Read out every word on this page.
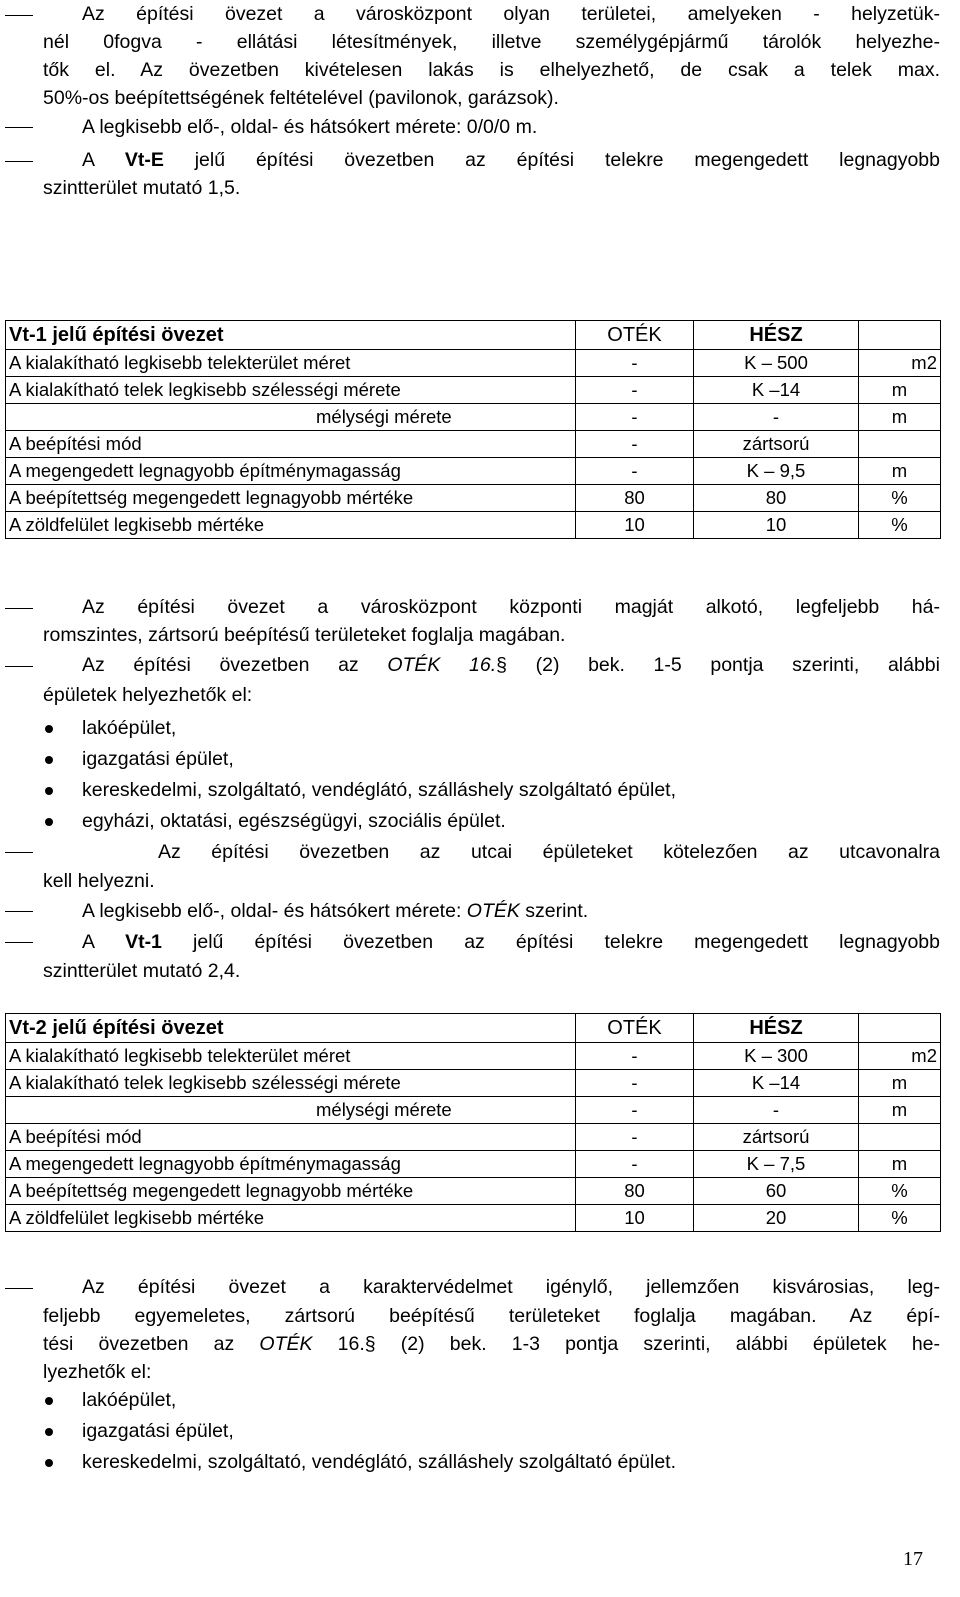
Az építési övezet a városközpont olyan területei, amelyeken - helyzetük-
nél 0fogva - ellátási létesítmények, illetve személygépjármű tárolók helyezhe-
tők el. Az övezetben kivételesen lakás is elhelyezhető, de csak a telek max.
50%-os beépítettségének feltételével (pavilonok, garázsok).
A legkisebb elő-, oldal- és hátsókert mérete: 0/0/0 m.
A Vt-E jelű építési övezetben az építési telekre megengedett legnagyobb
szintterület mutató 1,5.
Vt-1 jelű építési övezet	OTÉK	HÉSZ	
A kialakítható legkisebb telekterület méret	-	K – 500	m2
A kialakítható telek legkisebb szélességi mérete	-	K –14	m
mélységi mérete	-	-	m
A beépítési mód	-	zártsorú	
A megengedett legnagyobb építménymagasság	-	K – 9,5	m
A beépítettség megengedett legnagyobb mértéke	80	80	%
A zöldfelület legkisebb mértéke	10	10	%
Az építési övezet a városközpont központi magját alkotó, legfeljebb há-
romszintes, zártsorú beépítésű területeket foglalja magában.
Az építési övezetben az OTÉK 16.§ (2) bek. 1-5 pontja szerinti, alábbi
épületek helyezhetők el:
lakóépület,
igazgatási épület,
kereskedelmi, szolgáltató, vendéglátó, szálláshely szolgáltató épület,
egyházi, oktatási, egészségügyi, szociális épület.
Az építési övezetben az utcai épületeket kötelezően az utcavonalra
kell helyezni.
A legkisebb elő-, oldal- és hátsókert mérete: OTÉK szerint.
A Vt-1 jelű építési övezetben az építési telekre megengedett legnagyobb
szintterület mutató 2,4.
Vt-2 jelű építési övezet	OTÉK	HÉSZ	
A kialakítható legkisebb telekterület méret	-	K – 300	m2
A kialakítható telek legkisebb szélességi mérete	-	K –14	m
mélységi mérete	-	-	m
A beépítési mód	-	zártsorú	
A megengedett legnagyobb építménymagasság	-	K – 7,5	m
A beépítettség megengedett legnagyobb mértéke	80	60	%
A zöldfelület legkisebb mértéke	10	20	%
Az építési övezet a karaktervédelmet igénylő, jellemzően kisvárosias, leg-
feljebb egyemeletes, zártsorú beépítésű területeket foglalja magában. Az épí-
tési övezetben az OTÉK 16.§ (2) bek. 1-3 pontja szerinti, alábbi épületek he-
lyezhetők el:
lakóépület,
igazgatási épület,
kereskedelmi, szolgáltató, vendéglátó, szálláshely szolgáltató épület.
17
